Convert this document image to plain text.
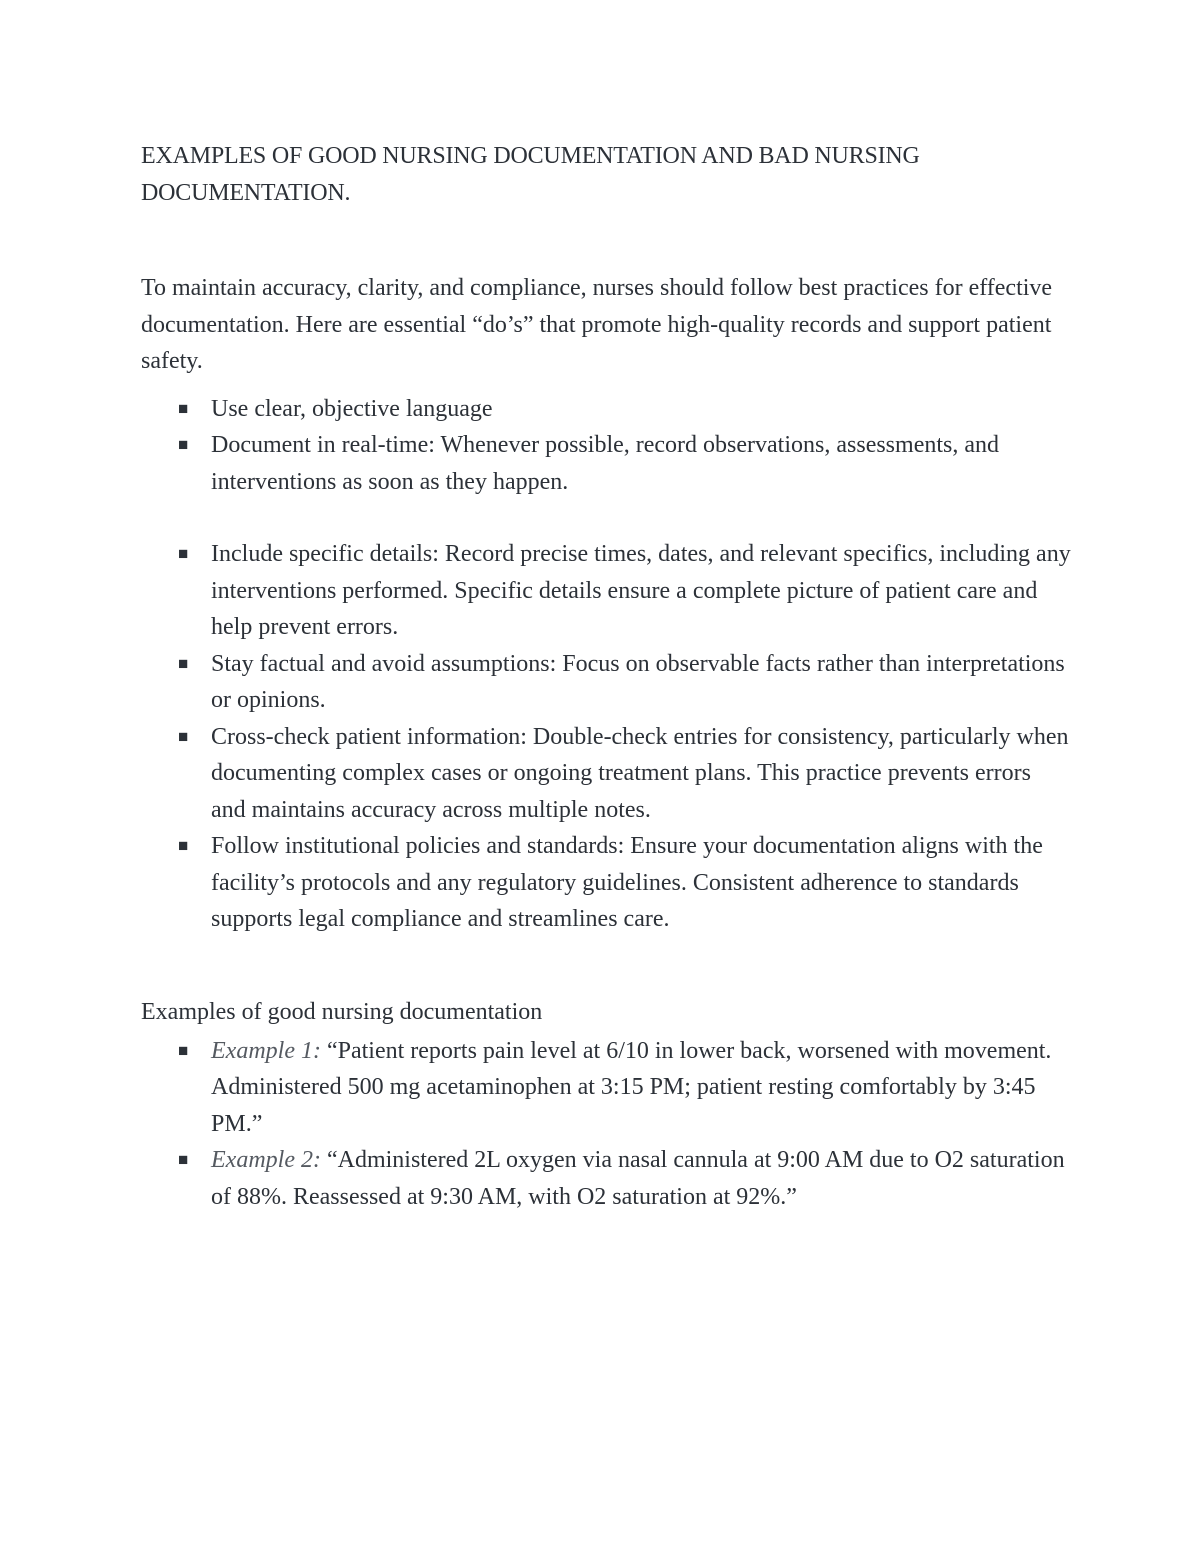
EXAMPLES OF GOOD NURSING DOCUMENTATION AND BAD NURSING DOCUMENTATION.

To maintain accuracy, clarity, and compliance, nurses should follow best practices for effective documentation. Here are essential “do’s” that promote high-quality records and support patient safety.

■ Use clear, objective language
■ Document in real-time: Whenever possible, record observations, assessments, and interventions as soon as they happen.
■ Include specific details: Record precise times, dates, and relevant specifics, including any interventions performed. Specific details ensure a complete picture of patient care and help prevent errors.
■ Stay factual and avoid assumptions: Focus on observable facts rather than interpretations or opinions.
■ Cross-check patient information: Double-check entries for consistency, particularly when documenting complex cases or ongoing treatment plans. This practice prevents errors and maintains accuracy across multiple notes.
■ Follow institutional policies and standards: Ensure your documentation aligns with the facility’s protocols and any regulatory guidelines. Consistent adherence to standards supports legal compliance and streamlines care.
Examples of good nursing documentation
■ Example 1: “Patient reports pain level at 6/10 in lower back, worsened with movement. Administered 500 mg acetaminophen at 3:15 PM; patient resting comfortably by 3:45 PM.”
■ Example 2: “Administered 2L oxygen via nasal cannula at 9:00 AM due to O2 saturation of 88%. Reassessed at 9:30 AM, with O2 saturation at 92%.”
